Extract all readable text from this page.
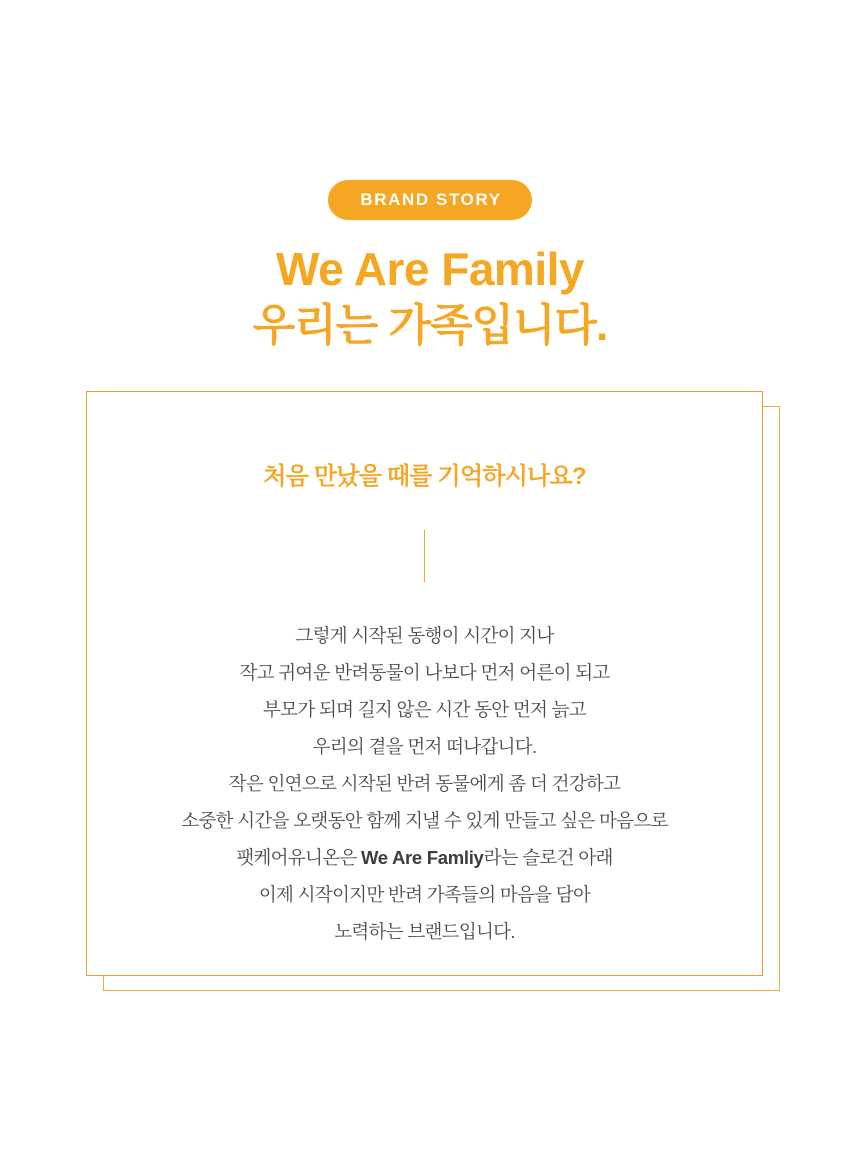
BRAND STORY
We Are Family
우리는 가족입니다.
처음 만났을 때를 기억하시나요?
그렇게 시작된 동행이 시간이 지나
작고 귀여운 반려동물이 나보다 먼저 어른이 되고
부모가 되며 길지 않은 시간 동안 먼저 늙고
우리의 곁을 먼저 떠나갑니다.
작은 인연으로 시작된 반려 동물에게 좀 더 건강하고
소중한 시간을 오랫동안 함께 지낼 수 있게 만들고 싶은 마음으로
팻케어유니온은 We Are Famliy라는 슬로건 아래
이제 시작이지만 반려 가족들의 마음을 담아
노력하는 브랜드입니다.
